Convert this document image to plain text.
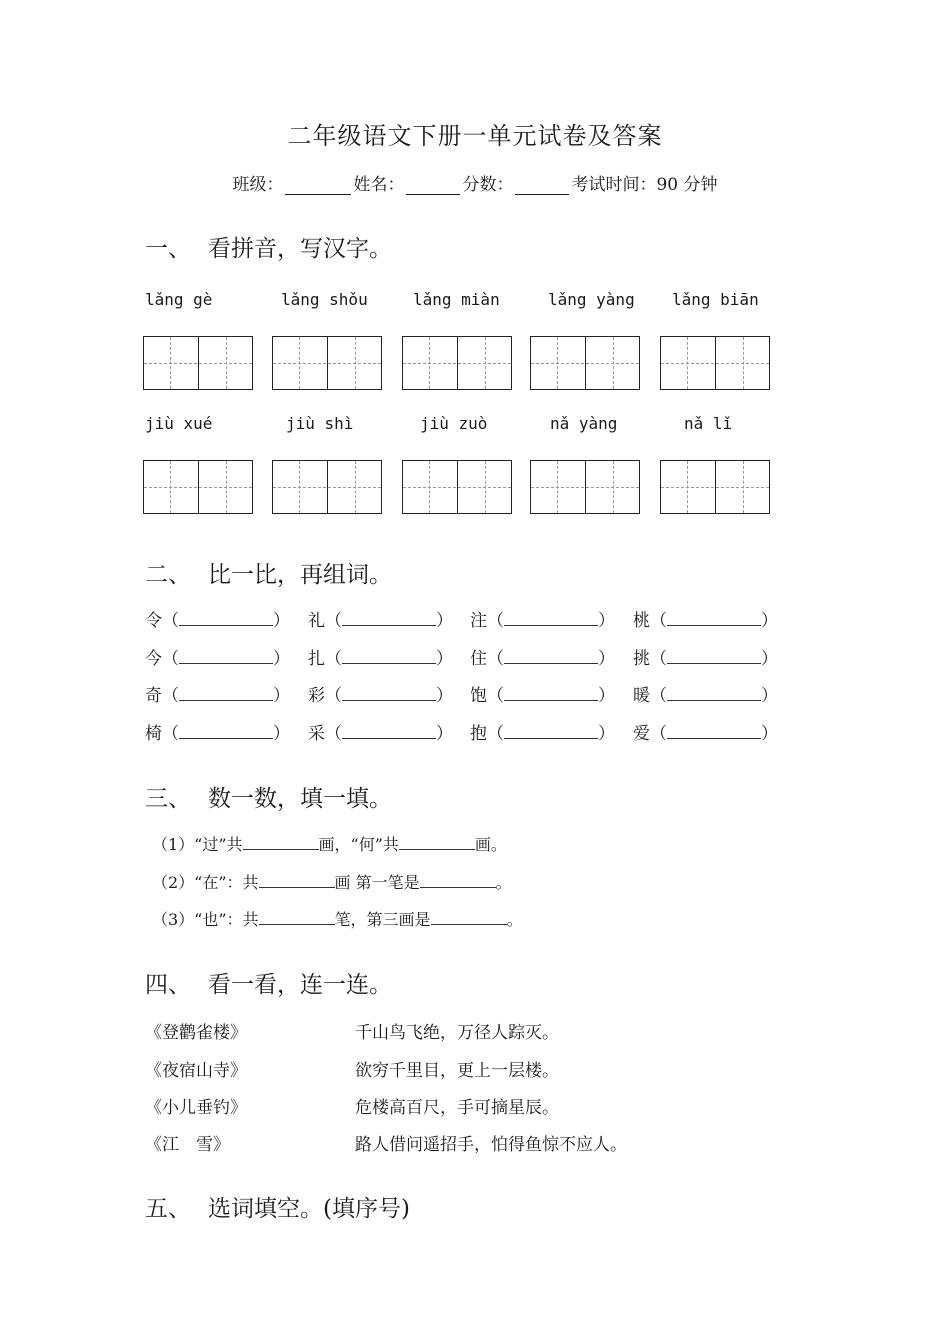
二年级语文下册一单元试卷及答案
班级：	姓名：	分数：	考试时间：90 分钟
一、 看拼音，写汉字。
lǎng gè	lǎng shǒu	lǎng miàn	lǎng yàng lǎng biān
jiù xué	jiù shì	jiù zuò	nǎ yàng	nǎ lǐ
二、 比一比，再组词。
令（	） 礼（	） 注（	） 桃（	）
今（	） 扎（	） 住（	） 挑（	）
奇（	） 彩（	） 饱（	） 暖（	）
椅（	） 采（	） 抱（	） 爱（	）
三、 数一数，填一填。
（1）“过”共	画，“何”共	画。
（2）“在”：共	画 第一笔是	。
（3）“也”：共	笔，第三画是	。
四、 看一看，连一连。
《登鹳雀楼》	千山鸟飞绝，万径人踪灭。
《夜宿山寺》	欲穷千里目，更上一层楼。
《小儿垂钓》	危楼高百尺，手可摘星辰。
《江　雪》	路人借问遥招手，怕得鱼惊不应人。
五、 选词填空。(填序号)
